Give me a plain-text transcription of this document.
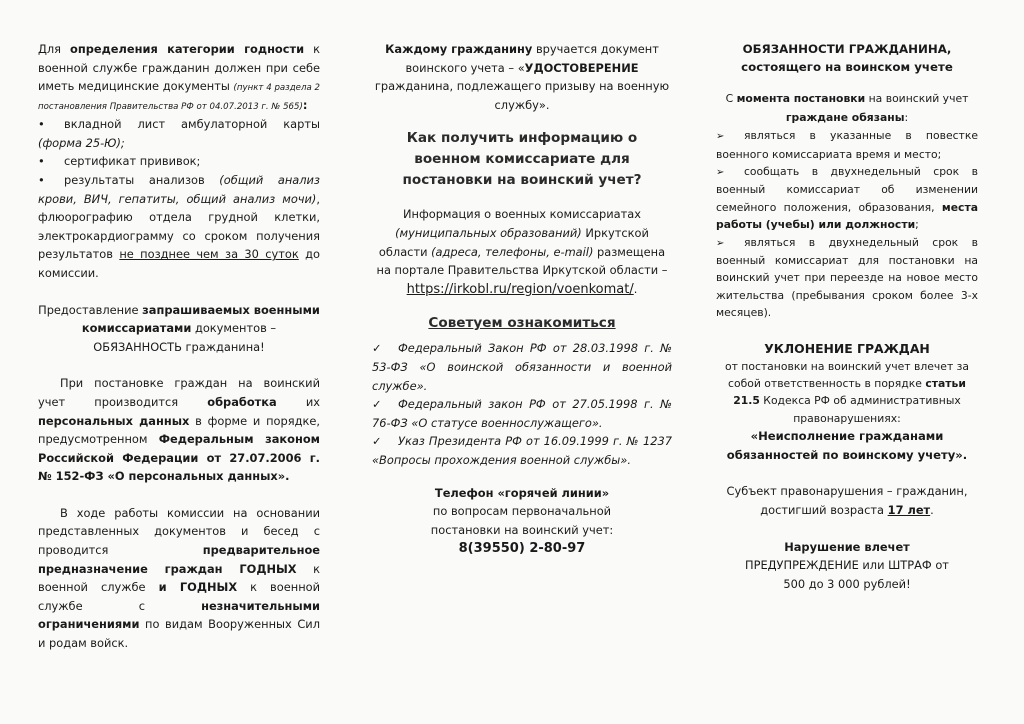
Для определения категории годности к военной службе гражданин должен при себе иметь медицинские документы (пункт 4 раздела 2 постановления Правительства РФ от 04.07.2013 г. № 565):

• вкладной лист амбулаторной карты (форма 25-Ю);
• сертификат прививок;
• результаты анализов (общий анализ крови, ВИЧ, гепатиты, общий анализ мочи), флюорографию отдела грудной клетки, электрокардиограмму со сроком получения результатов не позднее чем за 30 суток до комиссии.

Предоставление запрашиваемых военными комиссариатами документов – ОБЯЗАННОСТЬ гражданина!

При постановке граждан на воинский учет производится обработка их персональных данных в форме и порядке, предусмотренном Федеральным законом Российской Федерации от 27.07.2006 г. № 152-ФЗ «О персональных данных».

В ходе работы комиссии на основании представленных документов и бесед с проводится предварительное предназначение граждан ГОДНЫХ к военной службе и ГОДНЫХ к военной службе с незначительными ограничениями по видам Вооруженных Сил и родам войск.

Каждому гражданину вручается документ воинского учета – «УДОСТОВЕРЕНИЕ гражданина, подлежащего призыву на военную службу».

Как получить информацию о военном комиссариате для постановки на воинский учет?

Информация о военных комиссариатах (муниципальных образований) Иркутской области (адреса, телефоны, e-mail) размещена на портале Правительства Иркутской области –

https://irkobl.ru/region/voenkomat/.

Советуем ознакомиться

✓ Федеральный Закон РФ от 28.03.1998 г. № 53-ФЗ «О воинской обязанности и военной службе».

✓ Федеральный закон РФ от 27.05.1998 г. № 76-ФЗ «О статусе военнослужащего».

✓ Указ Президента РФ от 16.09.1999 г. № 1237 «Вопросы прохождения военной службы».

Телефон «горячей линии»
по вопросам первоначальной постановки на воинский учет:
8(39550) 2-80-97

ОБЯЗАННОСТИ ГРАЖДАНИНА, состоящего на воинском учете

С момента постановки на воинский учет граждане обязаны:

➢ являться в указанные в повестке военного комиссариата время и место;
➢ сообщать в двухнедельный срок в военный комиссариат об изменении семейного положения, образования, места работы (учебы) или должности;
➢ являться в двухнедельный срок в военный комиссариат для постановки на воинский учет при переезде на новое место жительства (пребывания сроком более 3-х месяцев).

УКЛОНЕНИЕ ГРАЖДАН

от постановки на воинский учет влечет за собой ответственность в порядке статьи 21.5 Кодекса РФ об административных правонарушениях:

«Неисполнение гражданами обязанностей по воинскому учету».

Субъект правонарушения – гражданин, достигший возраста 17 лет.

Нарушение влечет
ПРЕДУПРЕЖДЕНИЕ или ШТРАФ от 500 до 3 000 рублей!
